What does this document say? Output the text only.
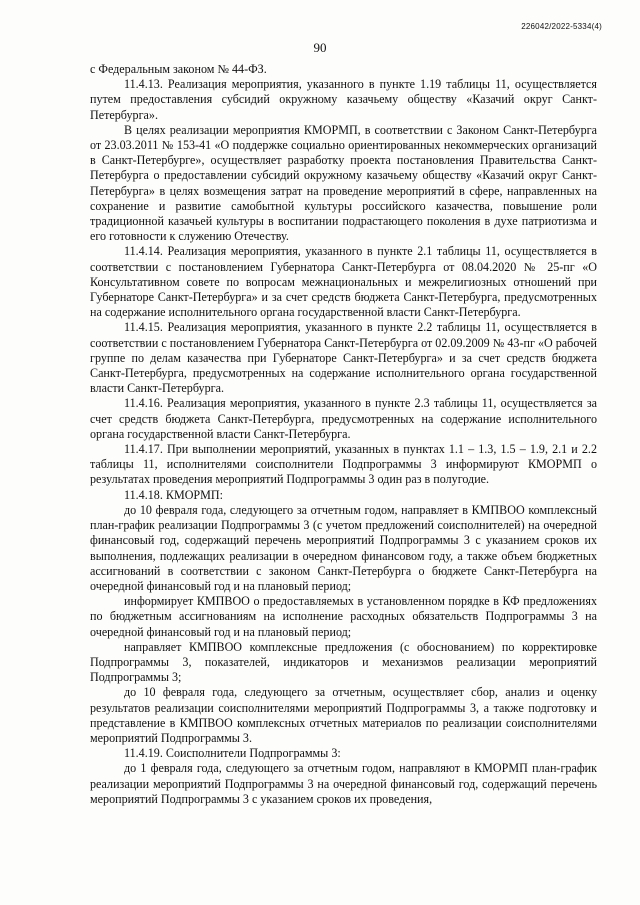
226042/2022-5334(4)
90

с Федеральным законом № 44-ФЗ.

11.4.13. Реализация мероприятия, указанного в пункте 1.19 таблицы 11, осуществляется путем предоставления субсидий окружному казачьему обществу «Казачий округ Санкт-Петербурга».

В целях реализации мероприятия КМОРМП, в соответствии с Законом Санкт-Петербурга от 23.03.2011 № 153-41 «О поддержке социально ориентированных некоммерческих организаций в Санкт-Петербурге», осуществляет разработку проекта постановления Правительства Санкт-Петербурга о предоставлении субсидий окружному казачьему обществу «Казачий округ Санкт-Петербурга» в целях возмещения затрат на проведение мероприятий в сфере, направленных на сохранение и развитие самобытной культуры российского казачества, повышение роли традиционной казачьей культуры в воспитании подрастающего поколения в духе патриотизма и его готовности к служению Отечеству.

11.4.14. Реализация мероприятия, указанного в пункте 2.1 таблицы 11, осуществляется в соответствии с постановлением Губернатора Санкт-Петербурга от 08.04.2020 № 25-пг «О Консультативном совете по вопросам межнациональных и межрелигиозных отношений при Губернаторе Санкт-Петербурга» и за счет средств бюджета Санкт-Петербурга, предусмотренных на содержание исполнительного органа государственной власти Санкт-Петербурга.

11.4.15. Реализация мероприятия, указанного в пункте 2.2 таблицы 11, осуществляется в соответствии с постановлением Губернатора Санкт-Петербурга от 02.09.2009 № 43-пг «О рабочей группе по делам казачества при Губернаторе Санкт-Петербурга» и за счет средств бюджета Санкт-Петербурга, предусмотренных на содержание исполнительного органа государственной власти Санкт-Петербурга.

11.4.16. Реализация мероприятия, указанного в пункте 2.3 таблицы 11, осуществляется за счет средств бюджета Санкт-Петербурга, предусмотренных на содержание исполнительного органа государственной власти Санкт-Петербурга.

11.4.17. При выполнении мероприятий, указанных в пунктах 1.1 – 1.3, 1.5 – 1.9, 2.1 и 2.2 таблицы 11, исполнителями соисполнители Подпрограммы 3 информируют КМОРМП о результатах проведения мероприятий Подпрограммы 3 один раз в полугодие.

11.4.18. КМОРМП:

до 10 февраля года, следующего за отчетным годом, направляет в КМПВОО комплексный план-график реализации Подпрограммы 3 (с учетом предложений соисполнителей) на очередной финансовый год, содержащий перечень мероприятий Подпрограммы 3 с указанием сроков их выполнения, подлежащих реализации в очередном финансовом году, а также объем бюджетных ассигнований в соответствии с законом Санкт-Петербурга о бюджете Санкт-Петербурга на очередной финансовый год и на плановый период;

информирует КМПВОО о предоставляемых в установленном порядке в КФ предложениях по бюджетным ассигнованиям на исполнение расходных обязательств Подпрограммы 3 на очередной финансовый год и на плановый период;

направляет КМПВОО комплексные предложения (с обоснованием) по корректировке Подпрограммы 3, показателей, индикаторов и механизмов реализации мероприятий Подпрограммы 3;

до 10 февраля года, следующего за отчетным, осуществляет сбор, анализ и оценку результатов реализации соисполнителями мероприятий Подпрограммы 3, а также подготовку и представление в КМПВОО комплексных отчетных материалов по реализации соисполнителями мероприятий Подпрограммы 3.

11.4.19. Соисполнители Подпрограммы 3:

до 1 февраля года, следующего за отчетным годом, направляют в КМОРМП план-график реализации мероприятий Подпрограммы 3 на очередной финансовый год, содержащий перечень мероприятий Подпрограммы 3 с указанием сроков их проведения,
